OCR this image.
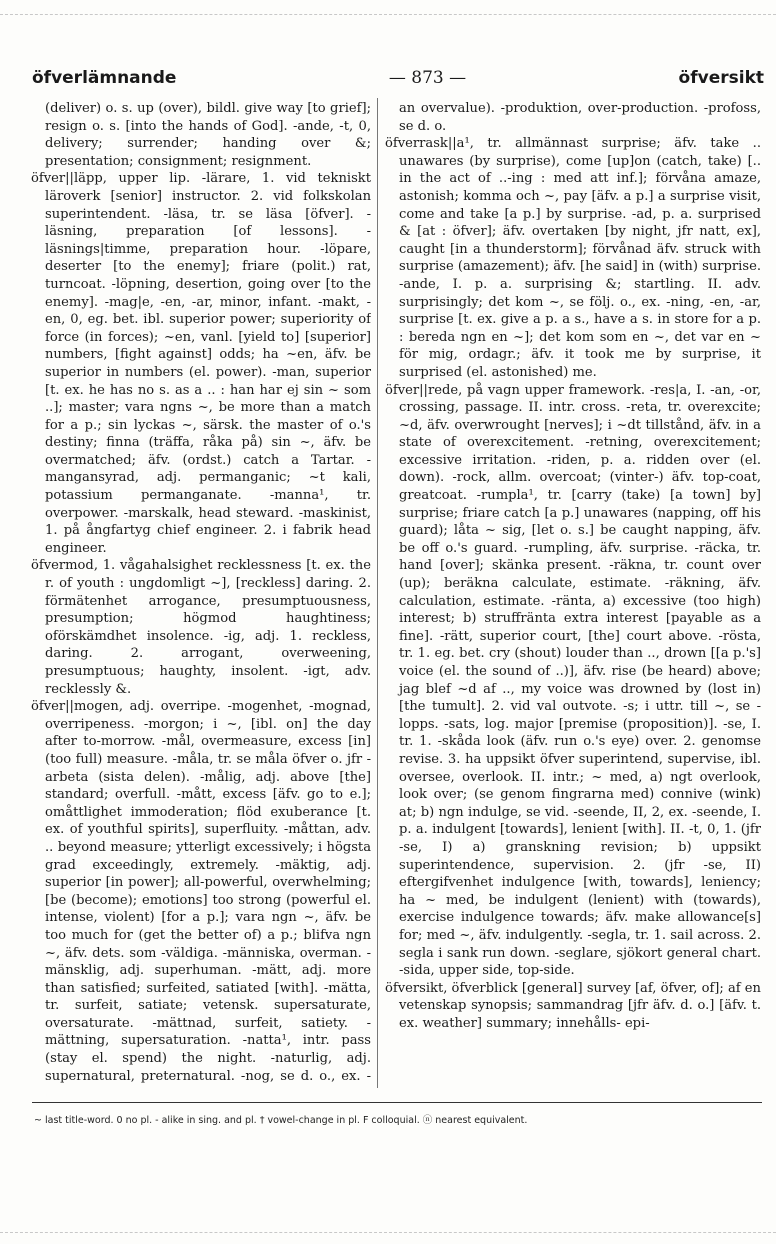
öfverlämnande	— 873 —	öfversikt

(deliver) o. s. up (over), bildl. give way [to grief]; resign o. s. [into the hands of God]. -ande, -t, 0, delivery; surrender; handing over &; presentation; consignment; resignment.

öfver||läpp, upper lip. -lärare, 1. vid tekniskt läroverk [senior] instructor. 2. vid folkskolan superintendent. -läsa, tr. se läsa [öfver]. -läsning, preparation [of lessons]. -läsnings|timme, preparation hour. -löpare, deserter [to the enemy]; friare (polit.) rat, turncoat. -löpning, desertion, going over [to the enemy]. -mag|e, -en, -ar, minor, infant. -makt, -en, 0, eg. bet. ibl. superior power; superiority of force (in forces); ~en, vanl. [yield to] [superior] numbers, [fight against] odds; ha ~en, äfv. be superior in numbers (el. power). -man, superior [t. ex. he has no s. as a .. : han har ej sin ~ som ..]; master; vara ngns ~, be more than a match for a p.; sin lyckas ~, särsk. the master of o.'s destiny; finna (träffa, råka på) sin ~, äfv. be overmatched; äfv. (ordst.) catch a Tartar. -mangansyrad, adj. permanganic; ~t kali, potassium permanganate. -manna¹, tr. overpower. -marskalk, head steward. -maskinist, 1. på ångfartyg chief engineer. 2. i fabrik head engineer.

öfvermod, 1. vågahalsighet recklessness [t. ex. the r. of youth : ungdomligt ~], [reckless] daring. 2. förmätenhet arrogance, presumptuousness, presumption; högmod haughtiness; oförskämdhet insolence. -ig, adj. 1. reckless, daring. 2. arrogant, overweening, presumptuous; haughty, insolent. -igt, adv. recklessly &.

öfver||mogen, adj. overripe. -mogenhet, -mognad, overripeness. -morgon; i ~, [ibl. on] the day after to-morrow. -mål, overmeasure, excess [in] (too full) measure. -måla, tr. se måla öfver o. jfr -arbeta (sista delen). -målig, adj. above [the] standard; overfull. -mått, excess [äfv. go to e.]; omåttlighet immoderation; flöd exuberance [t. ex. of youthful spirits], superfluity. -måttan, adv. .. beyond measure; ytterligt excessively; i högsta grad exceedingly, extremely. -mäktig, adj. superior [in power]; all-powerful, overwhelming; [be (become); emotions] too strong (powerful el. intense, violent) [for a p.]; vara ngn ~, äfv. be too much for (get the better of) a p.; blifva ngn ~, äfv. dets. som -väldiga. -människa, overman. -mänsklig, adj. superhuman. -mätt, adj. more than satisfied; surfeited, satiated [with]. -mätta, tr. surfeit, satiate; vetensk. supersaturate, oversaturate. -mättnad, surfeit, satiety. -mättning, supersaturation. -natta¹, intr. pass (stay el. spend) the night. -naturlig, adj. supernatural, preternatural. -nog, se d. o., ex. -

an overvalue). -produktion, over-production. -profoss, se d. o.

öfverrask||a¹, tr. allmännast surprise; äfv. take .. unawares (by surprise), come [up]on (catch, take) [.. in the act of ..-ing : med att inf.]; förvåna amaze, astonish; komma och ~, pay [äfv. a p.] a surprise visit, come and take [a p.] by surprise. -ad, p. a. surprised & [at : öfver]; äfv. overtaken [by night, jfr natt, ex], caught [in a thunderstorm]; förvånad äfv. struck with surprise (amazement); äfv. [he said] in (with) surprise. -ande, I. p. a. surprising &; startling. II. adv. surprisingly; det kom ~, se följ. o., ex. -ning, -en, -ar, surprise [t. ex. give a p. a s., have a s. in store for a p. : bereda ngn en ~]; det kom som en ~, det var en ~ för mig, ordagr.; äfv. it took me by surprise, it surprised (el. astonished) me.

öfver||rede, på vagn upper framework. -res|a, I. -an, -or, crossing, passage. II. intr. cross. -reta, tr. overexcite; ~d, äfv. overwrought [nerves]; i ~dt tillstånd, äfv. in a state of overexcitement. -retning, overexcitement; excessive irritation. -riden, p. a. ridden over (el. down). -rock, allm. overcoat; (vinter-) äfv. top-coat, greatcoat. -rumpla¹, tr. [carry (take) [a town] by] surprise; friare catch [a p.] unawares (napping, off his guard); låta ~ sig, [let o. s.] be caught napping, äfv. be off o.'s guard. -rumpling, äfv. surprise. -räcka, tr. hand [over]; skänka present. -räkna, tr. count over (up); beräkna calculate, estimate. -räkning, äfv. calculation, estimate. -ränta, a) excessive (too high) interest; b) struffränta extra interest [payable as a fine]. -rätt, superior court, [the] court above. -rösta, tr. 1. eg. bet. cry (shout) louder than .., drown [[a p.'s] voice (el. the sound of ..)], äfv. rise (be heard) above; jag blef ~d af .., my voice was drowned by (lost in) [the tumult]. 2. vid val outvote. -s; i uttr. till ~, se -lopps. -sats, log. major [premise (proposition)]. -se, I. tr. 1. -skåda look (äfv. run o.'s eye) over. 2. genomse revise. 3. ha uppsikt öfver superintend, supervise, ibl. oversee, overlook. II. intr.; ~ med, a) ngt overlook, look over; (se genom fingrarna med) connive (wink) at; b) ngn indulge, se vid. -seende, II, 2, ex. -seende, I. p. a. indulgent [towards], lenient [with]. II. -t, 0, 1. (jfr -se, I) a) granskning revision; b) uppsikt superintendence, supervision. 2. (jfr -se, II) eftergifvenhet indulgence [with, towards], leniency; ha ~ med, be indulgent (lenient) with (towards), exercise indulgence towards; äfv. make allowance[s] for; med ~, äfv. indulgently. -segla, tr. 1. sail across. 2. segla i sank run down. -seglare, sjökort general chart. -sida, upper side, top-side.

öfversikt, öfverblick [general] survey [af, öfver, of]; af en vetenskap synopsis; sammandrag [jfr äfv. d. o.] [äfv. t. ex. weather] summary; innehålls- epi-

~ last title-word. 0 no pl. - alike in sing. and pl. † vowel-change in pl. F colloquial. ⓝ nearest equivalent.
